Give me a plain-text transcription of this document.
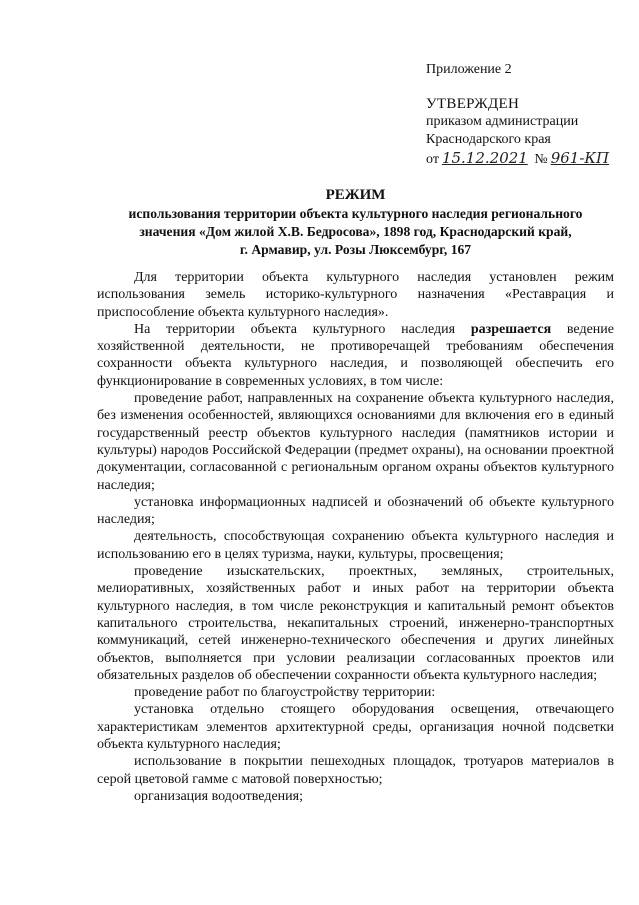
Приложение 2
УТВЕРЖДЕН
приказом администрации
Краснодарского края
от 15.12.2021 № 961-КП
РЕЖИМ
использования территории объекта культурного наследия регионального
значения «Дом жилой Х.В. Бедросова», 1898 год, Краснодарский край,
г. Армавир, ул. Розы Люксембург, 167

Для территории объекта культурного наследия установлен режим использования земель историко-культурного назначения «Реставрация и приспособление объекта культурного наследия».

На территории объекта культурного наследия разрешается ведение хозяйственной деятельности, не противоречащей требованиям обеспечения сохранности объекта культурного наследия, и позволяющей обеспечить его функционирование в современных условиях, в том числе:

проведение работ, направленных на сохранение объекта культурного наследия, без изменения особенностей, являющихся основаниями для включения его в единый государственный реестр объектов культурного наследия (памятников истории и культуры) народов Российской Федерации (предмет охраны), на основании проектной документации, согласованной с региональным органом охраны объектов культурного наследия;

установка информационных надписей и обозначений об объекте культурного наследия;

деятельность, способствующая сохранению объекта культурного наследия и использованию его в целях туризма, науки, культуры, просвещения;

проведение изыскательских, проектных, земляных, строительных, мелиоративных, хозяйственных работ и иных работ на территории объекта культурного наследия, в том числе реконструкция и капитальный ремонт объектов капитального строительства, некапитальных строений, инженерно-транспортных коммуникаций, сетей инженерно-технического обеспечения и других линейных объектов, выполняется при условии реализации согласованных проектов или обязательных разделов об обеспечении сохранности объекта культурного наследия;

проведение работ по благоустройству территории:

установка отдельно стоящего оборудования освещения, отвечающего характеристикам элементов архитектурной среды, организация ночной подсветки объекта культурного наследия;

использование в покрытии пешеходных площадок, тротуаров материалов в серой цветовой гамме с матовой поверхностью;

организация водоотведения;
